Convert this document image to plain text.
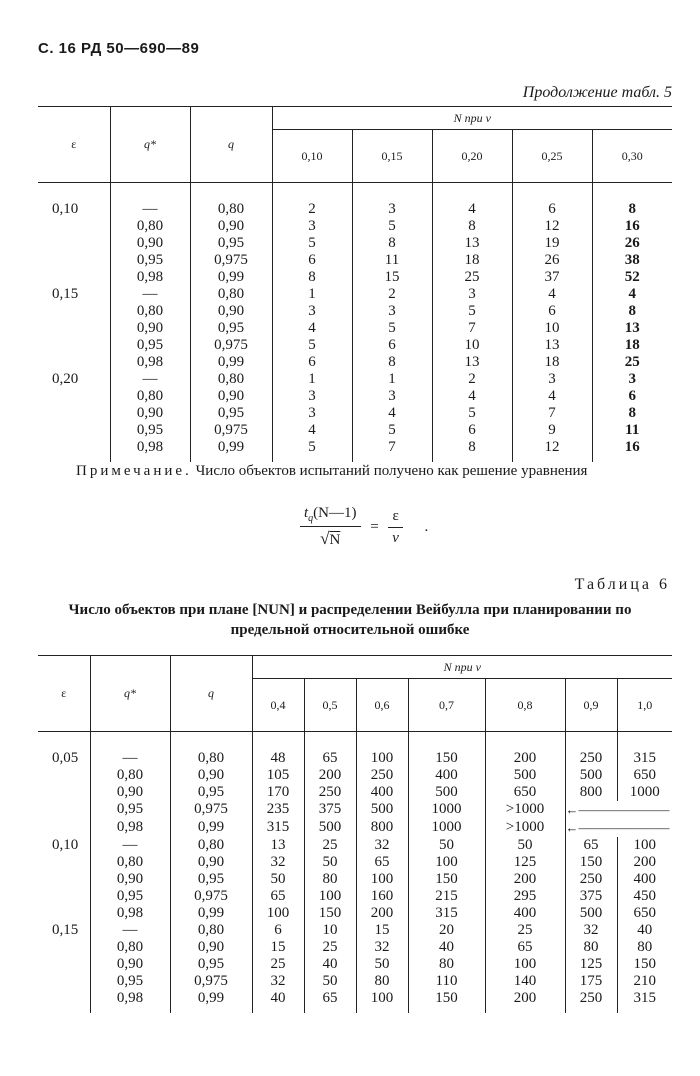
С. 16 РД 50—690—89
Продолжение табл. 5
ε	q*	q	N при v				
			0,10	0,15	0,20	0,25	0,30
0,10	—	0,80	2	3	4	6	8
	0,80	0,90	3	5	8	12	16
	0,90	0,95	5	8	13	19	26
	0,95	0,975	6	11	18	26	38
	0,98	0,99	8	15	25	37	52
0,15	—	0,80	1	2	3	4	4
	0,80	0,90	3	3	5	6	8
	0,90	0,95	4	5	7	10	13
	0,95	0,975	5	6	10	13	18
	0,98	0,99	6	8	13	18	25
0,20	—	0,80	1	1	2	3	3
	0,80	0,90	3	3	4	4	6
	0,90	0,95	3	4	5	7	8
	0,95	0,975	4	5	6	9	11
	0,98	0,99	5	7	8	12	16
Примечание. Число объектов испытаний получено как решение уравнения
$\frac{t_q(N—1)}{√N} = \frac{\varepsilon}{v}$ .
Таблица 6
Число объектов при плане [NUN] и распределении Вейбулла при планировании по предельной относительной ошибке
ε	q*	q	N при v						
			0,4	0,5	0,6	0,7	0,8	0,9	1,0
0,05	—	0,80	48	65	100	150	200	250	315
	0,80	0,90	105	200	250	400	500	500	650
	0,90	0,95	170	250	400	500	650	800	1000
	0,95	0,975	235	375	500	1000	>1000	←———————	
	0,98	0,99	315	500	800	1000	>1000	←———————	
0,10	—	0,80	13	25	32	50	50	65	100
	0,80	0,90	32	50	65	100	125	150	200
	0,90	0,95	50	80	100	150	200	250	400
	0,95	0,975	65	100	160	215	295	375	450
	0,98	0,99	100	150	200	315	400	500	650
0,15	—	0,80	6	10	15	20	25	32	40
	0,80	0,90	15	25	32	40	65	80	80
	0,90	0,95	25	40	50	80	100	125	150
	0,95	0,975	32	50	80	110	140	175	210
	0,98	0,99	40	65	100	150	200	250	315
